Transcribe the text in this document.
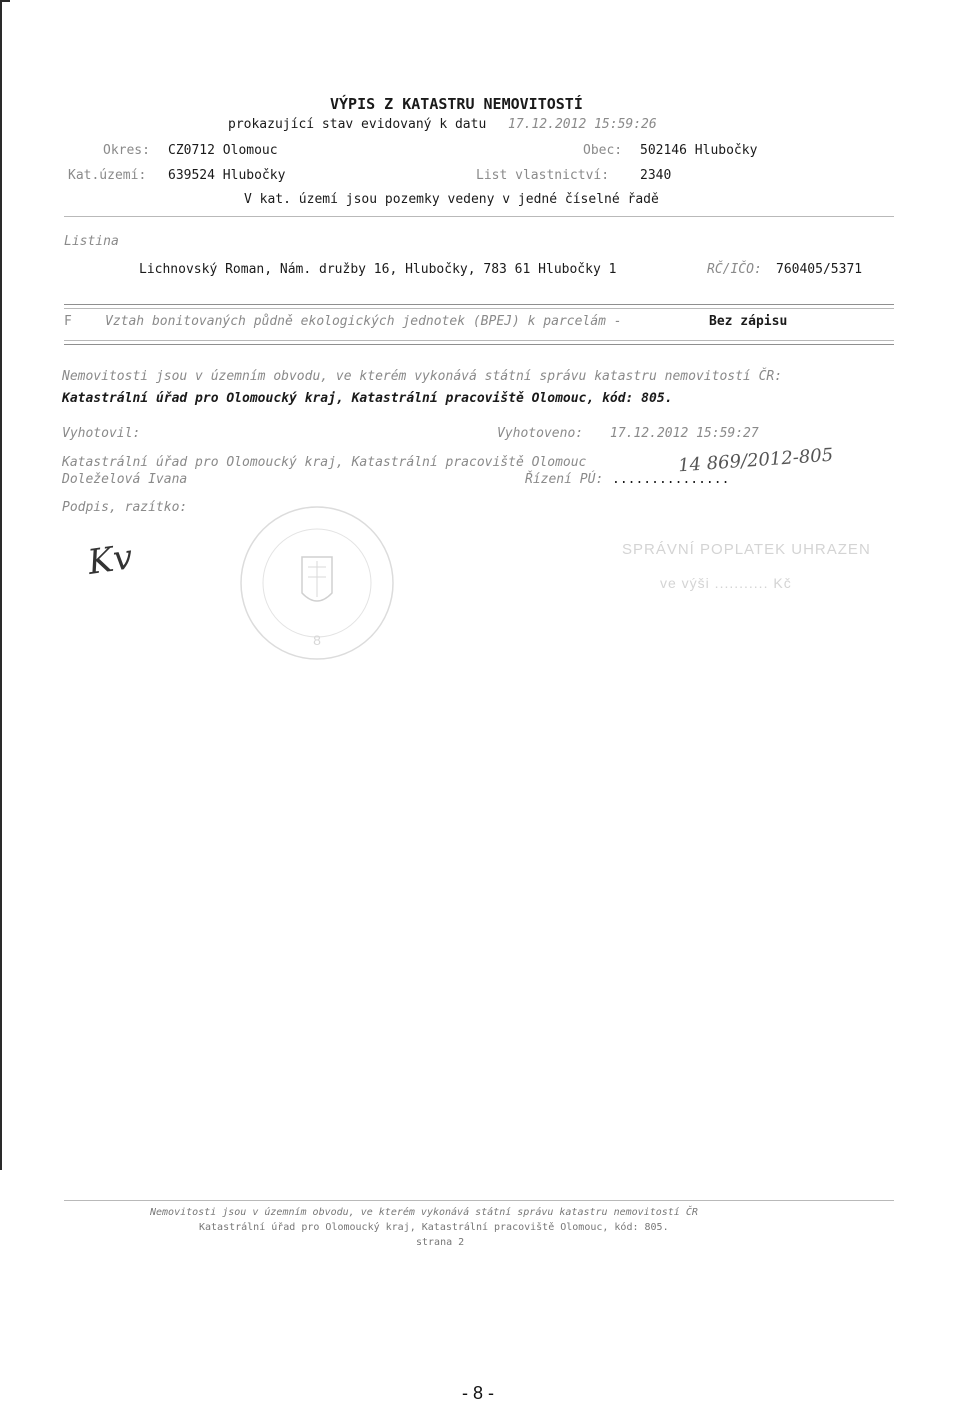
VÝPIS Z KATASTRU NEMOVITOSTÍ
prokazující stav evidovaný k datu 17.12.2012 15:59:26
Okres: CZ0712 Olomouc	Obec: 502146 Hlubočky
Kat.území: 639524 Hlubočky	List vlastnictví: 2340
V kat. území jsou pozemky vedeny v jedné číselné řadě
Listina
Lichnovský Roman, Nám. družby 16, Hlubočky, 783 61 Hlubočky 1	RČ/IČO: 760405/5371
F	Vztah bonitovaných půdně ekologických jednotek (BPEJ) k parcelám -	Bez zápisu
Nemovitosti jsou v územním obvodu, ve kterém vykonává státní správu katastru nemovitostí ČR:
Katastrální úřad pro Olomoucký kraj, Katastrální pracoviště Olomouc, kód: 805.
Vyhotovil:	Vyhotoveno: 17.12.2012 15:59:27
Katastrální úřad pro Olomoucký kraj, Katastrální pracoviště Olomouc
Doleželová Ivana	Řízení PÚ: ...............
14 869/2012-805
Podpis, razítko:
Kv
8
SPRÁVNÍ POPLATEK UHRAZEN
ve výši ........... Kč
Nemovitosti jsou v územním obvodu, ve kterém vykonává státní správu katastru nemovitostí ČR
Katastrální úřad pro Olomoucký kraj, Katastrální pracoviště Olomouc, kód: 805.
strana 2
- 8 -
